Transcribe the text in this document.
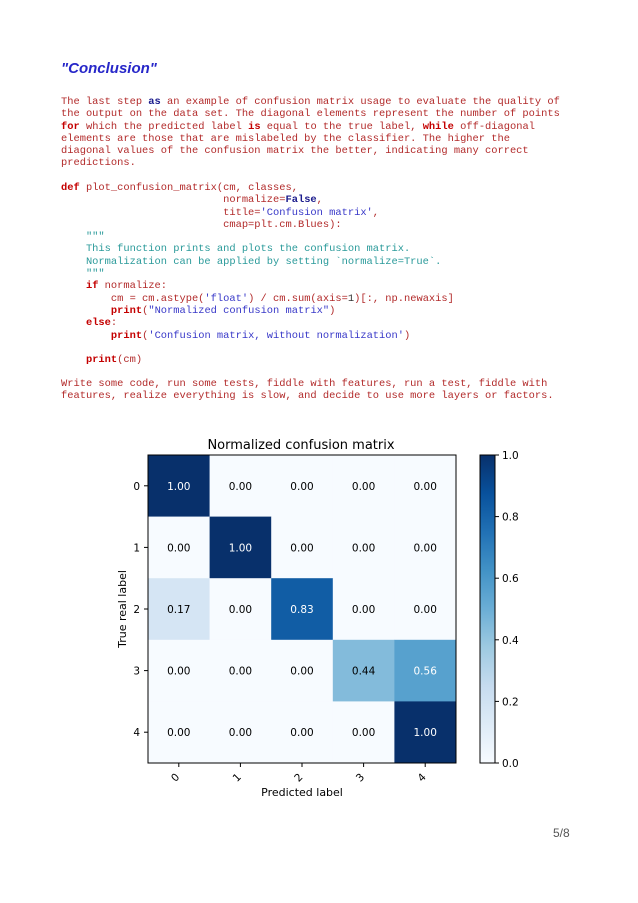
"Conclusion"
The last step as an example of confusion matrix usage to evaluate the quality of
the output on the data set. The diagonal elements represent the number of points
for which the predicted label is equal to the true label, while off-diagonal
elements are those that are mislabeled by the classifier. The higher the
diagonal values of the confusion matrix the better, indicating many correct
predictions.
def plot_confusion_matrix(cm, classes,
normalize=False,
title='Confusion matrix',
cmap=plt.cm.Blues):
"""
This function prints and plots the confusion matrix.
Normalization can be applied by setting `normalize=True`.
"""
if normalize:
cm = cm.astype('float') / cm.sum(axis=1)[:, np.newaxis]
print("Normalized confusion matrix")
else:
print('Confusion matrix, without normalization')

print(cm)
Write some code, run some tests, fiddle with features, run a test, fiddle with
features, realize everything is slow, and decide to use more layers or factors.
Normalized confusion matrix
1.00	0.00	0.00	0.00	0.00
0.00	1.00	0.00	0.00	0.00
0.17	0.00	0.83	0.00	0.00
0.00	0.00	0.00	0.44	0.56
0.00	0.00	0.00	0.00	1.00
0
1
2
3
4
0	1	2	3	4
Predicted label
True real label
1.0
0.8
0.6
0.4
0.2
0.0
5/8
